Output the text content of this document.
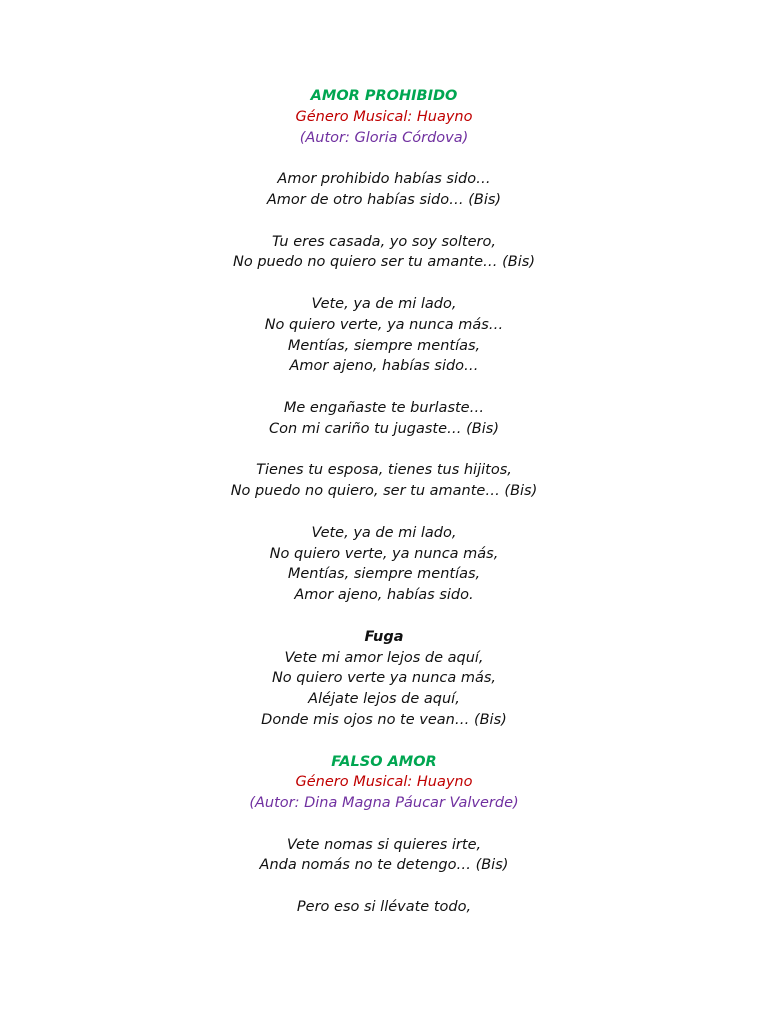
AMOR PROHIBIDO
Género Musical: Huayno
(Autor: Gloria Córdova)
Amor prohibido habías sido…
Amor de otro habías sido… (Bis)
Tu eres casada, yo soy soltero,
No puedo no quiero ser tu amante… (Bis)
Vete, ya de mi lado,
No quiero verte, ya nunca más…
Mentías, siempre mentías,
Amor ajeno, habías sido…
Me engañaste te burlaste…
Con mi cariño tu jugaste… (Bis)
Tienes tu esposa, tienes tus hijitos,
No puedo no quiero, ser tu amante… (Bis)
Vete, ya de mi lado,
No quiero verte, ya nunca más,
Mentías, siempre mentías,
Amor ajeno, habías sido.
Fuga
Vete mi amor lejos de aquí,
No quiero verte ya nunca más,
Aléjate lejos de aquí,
Donde mis ojos no te vean… (Bis)
FALSO AMOR
Género Musical: Huayno
(Autor: Dina Magna Páucar Valverde)
Vete nomas si quieres irte,
Anda nomás no te detengo… (Bis)
Pero eso si llévate todo,
